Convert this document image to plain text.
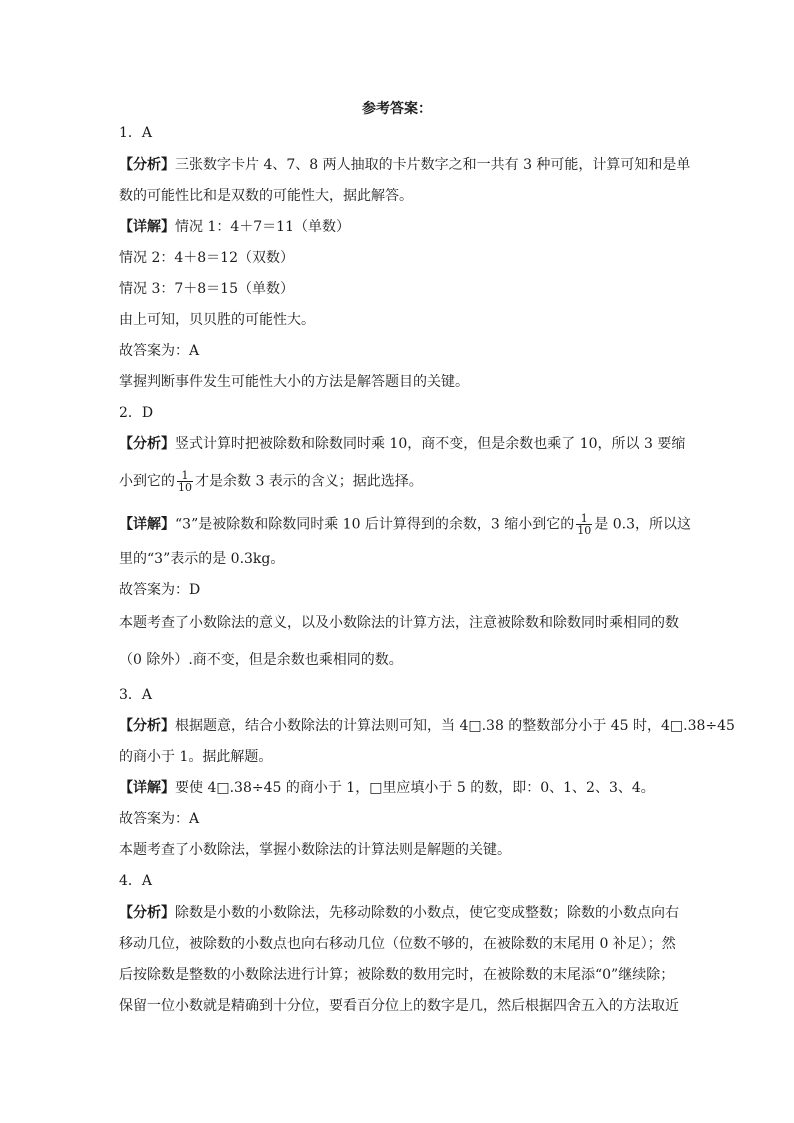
参考答案：
1．A
【分析】三张数字卡片 4、7、8 两人抽取的卡片数字之和一共有 3 种可能，计算可知和是单
数的可能性比和是双数的可能性大，据此解答。
【详解】情况 1：4＋7＝11（单数）
情况 2：4＋8＝12（双数）
情况 3：7＋8＝15（单数）
由上可知，贝贝胜的可能性大。
故答案为：A
掌握判断事件发生可能性大小的方法是解答题目的关键。
2．D
【分析】竖式计算时把被除数和除数同时乘 10，商不变，但是余数也乘了 10，所以 3 要缩
小到它的 $\frac{1}{10}$ 才是余数 3 表示的含义；据此选择。
【详解】“3”是被除数和除数同时乘 10 后计算得到的余数，3 缩小到它的 $\frac{1}{10}$ 是 0.3，所以这
里的“3”表示的是 0.3kg。
故答案为：D
本题考查了小数除法的意义，以及小数除法的计算方法，注意被除数和除数同时乘相同的数
（0 除外）.商不变，但是余数也乘相同的数。
3．A
【分析】根据题意，结合小数除法的计算法则可知，当 4□.38 的整数部分小于 45 时，4□.38÷45
的商小于 1。据此解题。
【详解】要使 4□.38÷45 的商小于 1，□里应填小于 5 的数，即：0、1、2、3、4。
故答案为：A
本题考查了小数除法，掌握小数除法的计算法则是解题的关键。
4．A
【分析】除数是小数的小数除法，先移动除数的小数点，使它变成整数；除数的小数点向右
移动几位，被除数的小数点也向右移动几位（位数不够的，在被除数的末尾用 0 补足）；然
后按除数是整数的小数除法进行计算；被除数的数用完时，在被除数的末尾添“0”继续除；
保留一位小数就是精确到十分位，要看百分位上的数字是几，然后根据四舍五入的方法取近
